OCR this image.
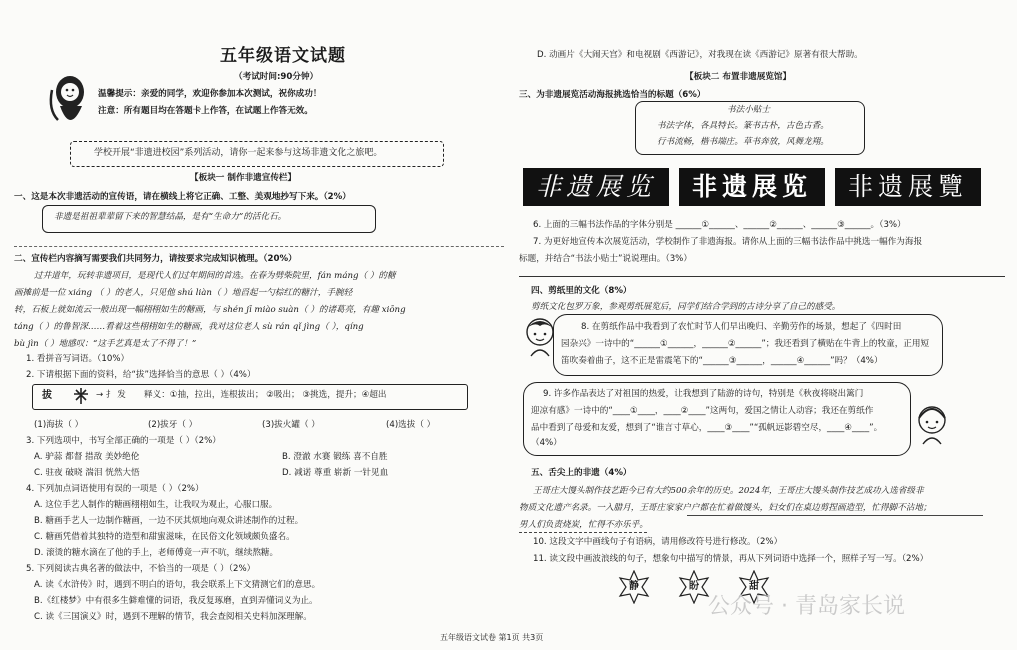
五年级语文试题
（考试时间:90分钟）
温馨提示：亲爱的同学，欢迎你参加本次测试，祝你成功！
注意：所有题目均在答题卡上作答，在试题上作答无效。
学校开展“非遗进校园”系列活动，请你一起来参与这场非遗文化之旅吧。
【板块一 制作非遗宣传栏】
一、这是本次非遗活动的宣传语，请在横线上将它正确、工整、美观地抄写下来。（2%）
非遗是祖祖辈辈留下来的智慧结晶，是有“生命力”的活化石。
二、宣传栏内容摘写需要我们共同努力，请按要求完成知识梳理。（20%）
过井道年，玩转非遗项目，是现代人们过年期间的首选。在春为劈柴院里，fán máng（ ）的糖
画摊前是一位 xiáng （ ）的老人，只见他 shú liàn（ ）地舀起一勺棕红的糖汁，手腕轻
转，石板上就如流云一般出现一幅栩栩如生的糖画，与 shén jī miào suàn（ ）的诸葛亮，有趣 xiōng
táng（ ）的鲁智深……看着这些栩栩如生的糖画，我对这位老人 sù rán qǐ jìng（ ），qíng
bù jìn（ ）地感叹：“这手艺真是太了不得了！”
1. 看拼音写词语。（10%）
2. 下请根据下面的资料，给“拔”选择恰当的意思（ ）（4%）
拔	→ 扌 发 释义：①抽，拉出，连根拔出； ②吸出； ③挑选，提升；④超出
(1)海拔（ ）	(2)拔牙（ ）	(3)拔火罐（ ）	(4)选拔（ ）
3. 下列选项中，书写全部正确的一项是（ ）（2%）
A. 驴蒜 都督 措敌 美妙绝伦	B. 澄澈 水赛 锻练 喜不自胜
C. 驻夜 破晓 湍泪 恍然大悟	D. 减诺 尊重 崭新 一针见血
4. 下列加点词语使用有误的一项是（ ）（2%）
A. 这位手艺人制作的糖画栩栩如生，让我叹为观止，心服口服。
B. 糖画手艺人一边制作糖画，一边不厌其烦地向观众讲述制作的过程。
C. 糖画凭借着其独特的造型和甜蜜滋味，在民俗文化领域颇负盛名。
D. 滚烫的糖水滴在了他的手上，老师傅竟一声不吭，继续熬糖。
5. 下列阅读古典名著的做法中，不恰当的一项是（ ）（2%）
A. 读《水浒传》时，遇到不明白的语句，我会联系上下文猜测它们的意思。
B.《红楼梦》中有很多生僻难懂的词语，我反复琢磨，直到弄懂词义为止。
C. 读《三国演义》时，遇到不理解的情节，我会查阅相关史料加深理解。
D. 动画片《大闹天宫》和电视剧《西游记》，对我现在读《西游记》原著有很大帮助。
【板块二 布置非遗展览馆】
三、为非遗展览活动海报挑选恰当的标题（6%）
书法小贴士
书法字体，各具特长。篆书古朴，古色古香。
行书流畅，楷书端庄。草书奔放，风舞龙翔。
非遗展览	非遗展览	非遗展覽
6. 上面的三幅书法作品的字体分别是 ______①______、______②______、______③______。（3%）
7. 为更好地宣传本次展览活动，学校制作了非遗海报。请你从上面的三幅书法作品中挑选一幅作为海报
标题，并结合“书法小贴士”说说理由。（3%）
四、剪纸里的文化（8%）
剪纸文化包罗万象，参观剪纸展览后，同学们结合学到的古诗分享了自己的感受。
8. 在剪纸作品中我看到了农忙时节人们早出晚归、辛勤劳作的场景，想起了《四时田
园杂兴》一诗中的“______①______，______②______”；我还看到了横贴在牛背上的牧童，正用短
笛吹奏着曲子，这不正是雷震笔下的“______③______，______④______”吗？（4%）
9. 许多作品表达了对祖国的热爱，让我想到了陆游的诗句，特别是《秋夜将晓出篱门
迎凉有感》一诗中的“____①____，____②____”这两句，爱国之情让人动容；我还在剪纸作
品中看到了母爱和友爱，想到了“谁言寸草心，____③____”“孤帆远影碧空尽，____④____”。
（4%）
五、舌尖上的非遗（4%）
王哥庄大馒头制作技艺距今已有大约500余年的历史。2024年，王哥庄大馒头制作技艺成功入选省级非
物质文化遗产名录。一入腊月，王哥庄家家户户都在忙着做馒头，妇女们在桌边剪捏画造型，忙得脚不沾地；
男人们负责烧炭，忙得不亦乐乎。
10. 这段文字中画线句子有语病，请用修改符号进行修改。（2%）
11. 读文段中画波浪线的句子，想象句中描写的情景，再从下列词语中选择一个，照样子写一写。（2%）
静	盼	甜
公众号 · 青岛家长说
五年级语文试卷 第1页 共3页
